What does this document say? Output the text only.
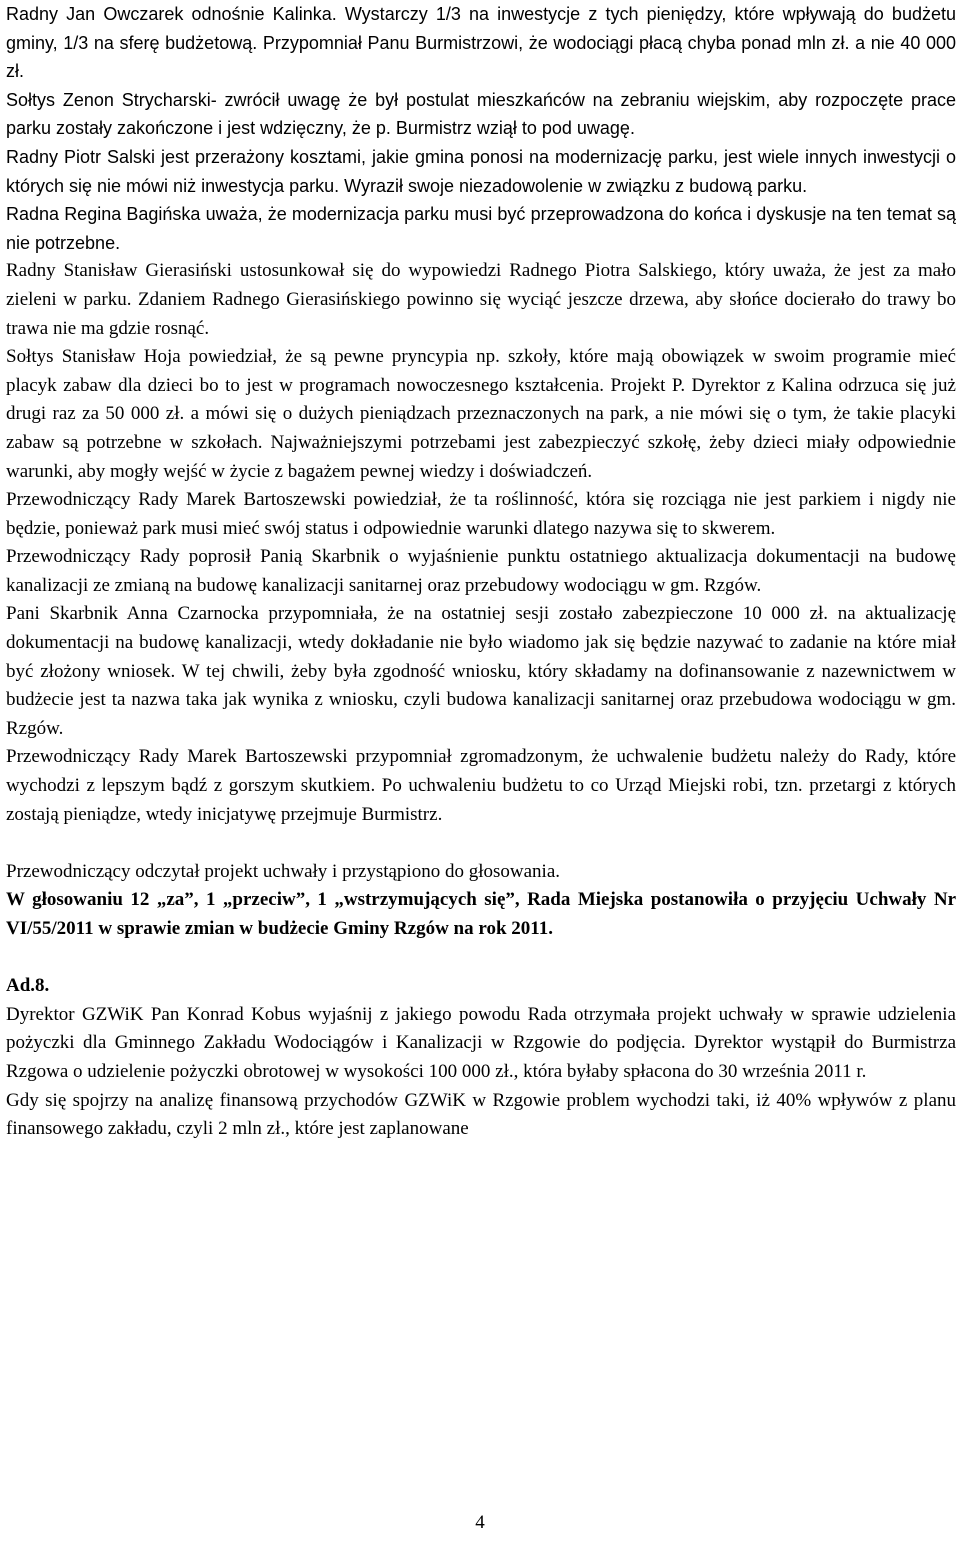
Radny Jan Owczarek odnośnie Kalinka. Wystarczy 1/3 na inwestycje z tych pieniędzy, które wpływają do budżetu gminy, 1/3 na sferę budżetową. Przypomniał Panu Burmistrzowi, że wodociągi płacą chyba ponad mln zł. a nie 40 000 zł.

Sołtys Zenon Strycharski- zwrócił uwagę że był postulat mieszkańców na zebraniu wiejskim, aby rozpoczęte prace parku zostały zakończone i jest wdzięczny, że p. Burmistrz wziął to pod uwagę.

Radny Piotr Salski jest przerażony kosztami, jakie gmina ponosi na modernizację parku, jest wiele innych inwestycji o których się nie mówi niż inwestycja parku. Wyraził swoje niezadowolenie w związku z budową parku.

Radna Regina Bagińska uważa, że modernizacja parku musi być przeprowadzona do końca i dyskusje na ten temat są nie potrzebne.

Radny Stanisław Gierasiński ustosunkował się do wypowiedzi Radnego Piotra Salskiego, który uważa, że jest za mało zieleni w parku. Zdaniem Radnego Gierasińskiego powinno się wyciąć jeszcze drzewa, aby słońce docierało do trawy bo trawa nie ma gdzie rosnąć.

Sołtys Stanisław Hoja powiedział, że są pewne pryncypia np. szkoły, które mają obowiązek w swoim programie mieć placyk zabaw dla dzieci bo to jest w programach nowoczesnego kształcenia. Projekt P. Dyrektor z Kalina odrzuca się już drugi raz za 50 000 zł. a mówi się o dużych pieniądzach przeznaczonych na park, a nie mówi się o tym, że takie placyki zabaw są potrzebne w szkołach. Najważniejszymi potrzebami jest zabezpieczyć szkołę, żeby dzieci miały odpowiednie warunki, aby mogły wejść w życie z bagażem pewnej wiedzy i doświadczeń.

Przewodniczący Rady Marek Bartoszewski powiedział, że ta roślinność, która się rozciąga nie jest parkiem i nigdy nie będzie, ponieważ park musi mieć swój status i odpowiednie warunki dlatego nazywa się to skwerem.

Przewodniczący Rady poprosił Panią Skarbnik o wyjaśnienie punktu ostatniego aktualizacja dokumentacji na budowę kanalizacji ze zmianą na budowę kanalizacji sanitarnej oraz przebudowy wodociągu w gm. Rzgów.

Pani Skarbnik Anna Czarnocka przypomniała, że na ostatniej sesji zostało zabezpieczone 10 000 zł. na aktualizację dokumentacji na budowę kanalizacji, wtedy dokładanie nie było wiadomo jak się będzie nazywać to zadanie na które miał być złożony wniosek. W tej chwili, żeby była zgodność wniosku, który składamy na dofinansowanie z nazewnictwem w budżecie jest ta nazwa taka jak wynika z wniosku, czyli budowa kanalizacji sanitarnej oraz przebudowa wodociągu w gm. Rzgów.

Przewodniczący Rady Marek Bartoszewski przypomniał zgromadzonym, że uchwalenie budżetu należy do Rady, które wychodzi z lepszym bądź z gorszym skutkiem. Po uchwaleniu budżetu to co Urząd Miejski robi, tzn. przetargi z których zostają pieniądze, wtedy inicjatywę przejmuje Burmistrz.

Przewodniczący odczytał projekt uchwały i przystąpiono do głosowania.

W głosowaniu 12 „za”, 1 „przeciw”, 1 „wstrzymujących się”, Rada Miejska postanowiła o przyjęciu Uchwały Nr VI/55/2011 w sprawie zmian w budżecie Gminy Rzgów na rok 2011.

Ad.8.

Dyrektor GZWiK Pan Konrad Kobus wyjaśnij z jakiego powodu Rada otrzymała projekt uchwały w sprawie udzielenia pożyczki dla Gminnego Zakładu Wodociągów i Kanalizacji w Rzgowie do podjęcia. Dyrektor wystąpił do Burmistrza Rzgowa o udzielenie pożyczki obrotowej w wysokości 100 000 zł., która byłaby spłacona do 30 września 2011 r.

Gdy się spojrzy na analizę finansową przychodów GZWiK w Rzgowie problem wychodzi taki, iż 40% wpływów z planu finansowego zakładu, czyli 2 mln zł., które jest zaplanowane

4
